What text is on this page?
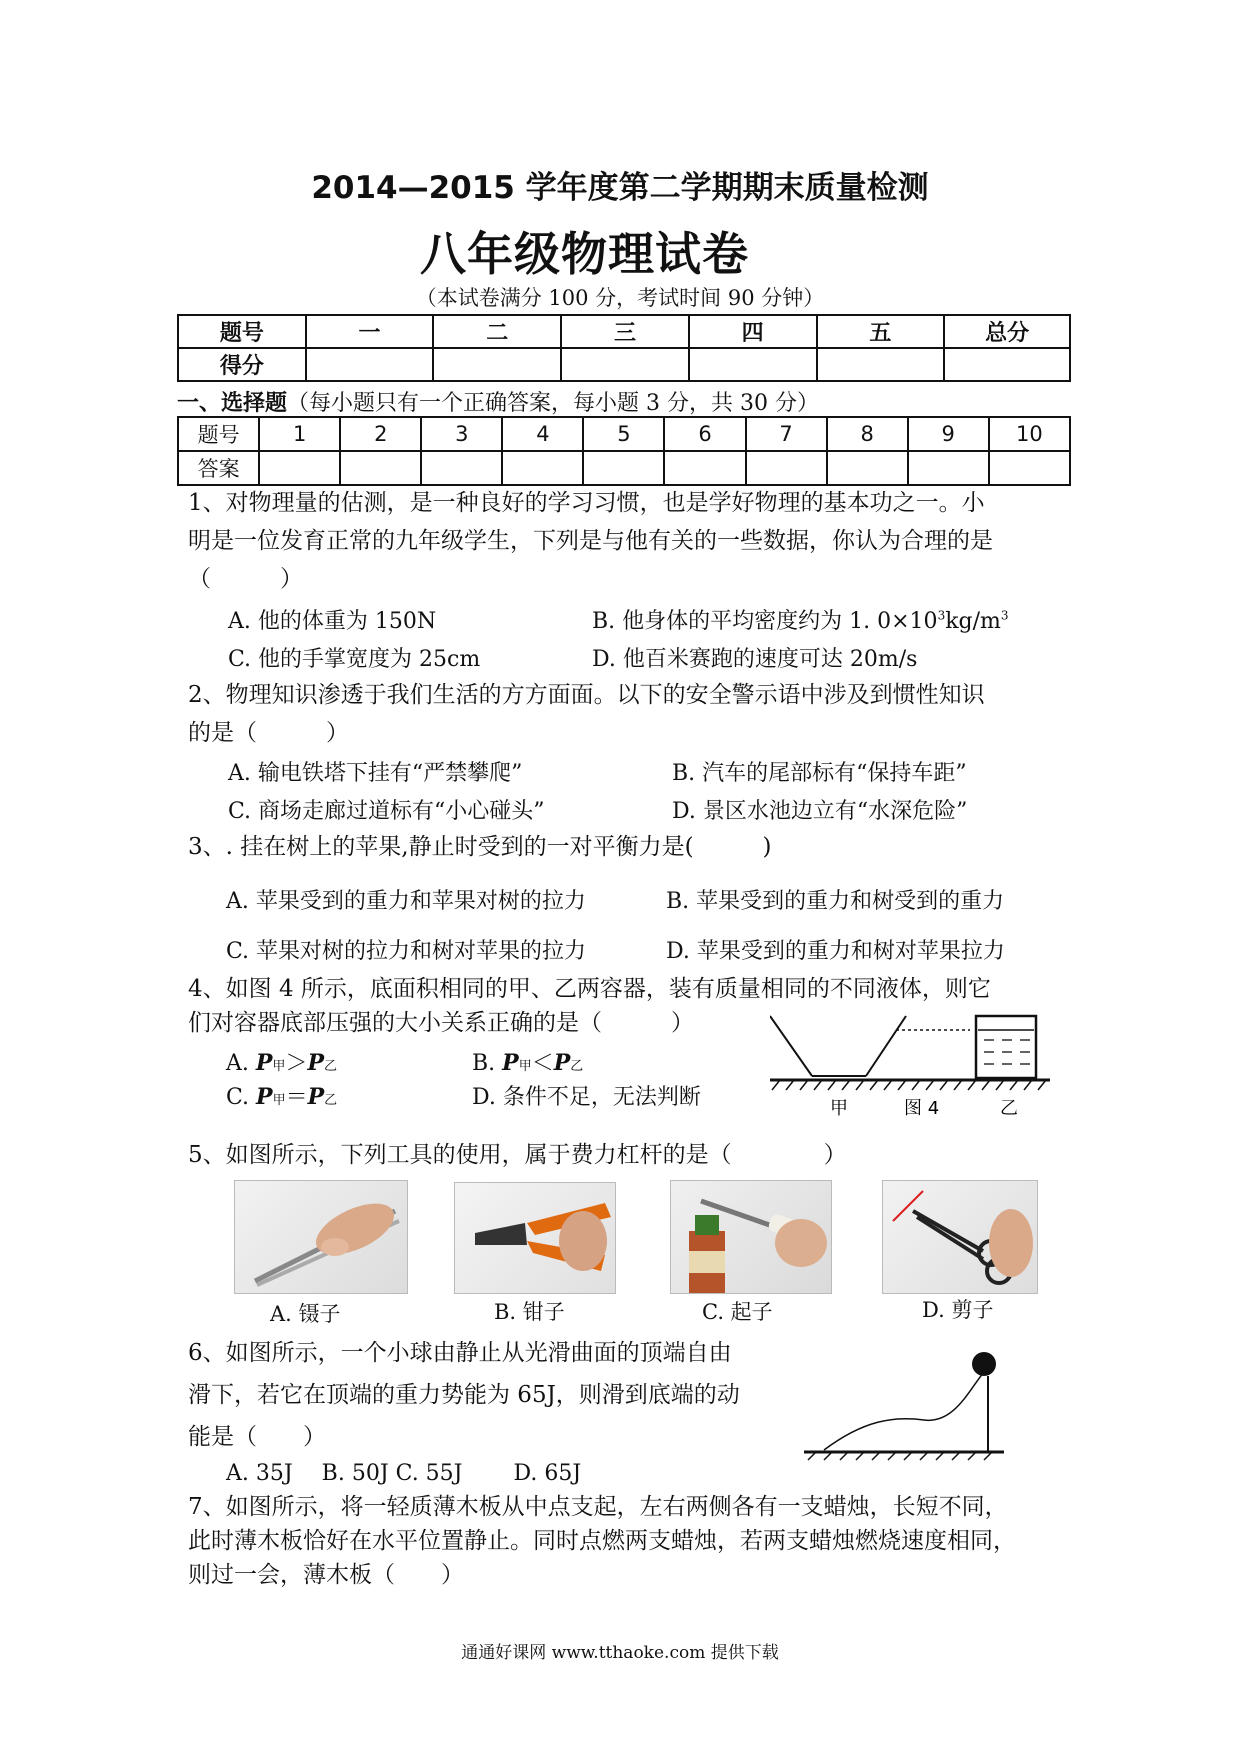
2014—2015 学年度第二学期期末质量检测
八年级物理试卷
（本试卷满分 100 分，考试时间 90 分钟）
题号	一	二	三	四	五	总分
得分						
一、选择题（每小题只有一个正确答案，每小题 3 分，共 30 分）
题号	1	2	3	4	5	6	7	8	9	10
答案										
1、对物理量的估测，是一种良好的学习习惯，也是学好物理的基本功之一。小
明是一位发育正常的九年级学生，下列是与他有关的一些数据，你认为合理的是
（　　　）
A. 他的体重为 150N	B. 他身体的平均密度约为 1. $0\times 10^3kg/m^3$
C. 他的手掌宽度为 25cm	D. 他百米赛跑的速度可达 20m/s
2、物理知识渗透于我们生活的方方面面。以下的安全警示语中涉及到惯性知识
的是（　　　）
A. 输电铁塔下挂有“严禁攀爬”	B. 汽车的尾部标有“保持车距”
C. 商场走廊过道标有“小心碰头”	D. 景区水池边立有“水深危险”
3、. 挂在树上的苹果,静止时受到的一对平衡力是(　　　)
A. 苹果受到的重力和苹果对树的拉力	B. 苹果受到的重力和树受到的重力
C. 苹果对树的拉力和树对苹果的拉力	D. 苹果受到的重力和树对苹果拉力
4、如图 4 所示，底面积相同的甲、乙两容器，装有质量相同的不同液体，则它
们对容器底部压强的大小关系正确的是（　　　）
A. P甲＞P乙	B. P甲＜P乙
C. P甲＝P乙	D. 条件不足，无法判断	甲	图 4	乙
5、如图所示，下列工具的使用，属于费力杠杆的是（　　　　）
A. 镊子	B. 钳子	C. 起子	D. 剪子
6、如图所示，一个小球由静止从光滑曲面的顶端自由
滑下，若它在顶端的重力势能为 65J，则滑到底端的动
能是（　　）
A. 35J　 B. 50J C. 55J　　 D. 65J
7、如图所示，将一轻质薄木板从中点支起，左右两侧各有一支蜡烛，长短不同，
此时薄木板恰好在水平位置静止。同时点燃两支蜡烛，若两支蜡烛燃烧速度相同，
则过一会，薄木板（　　）
通通好课网 www.tthaoke.com 提供下载
